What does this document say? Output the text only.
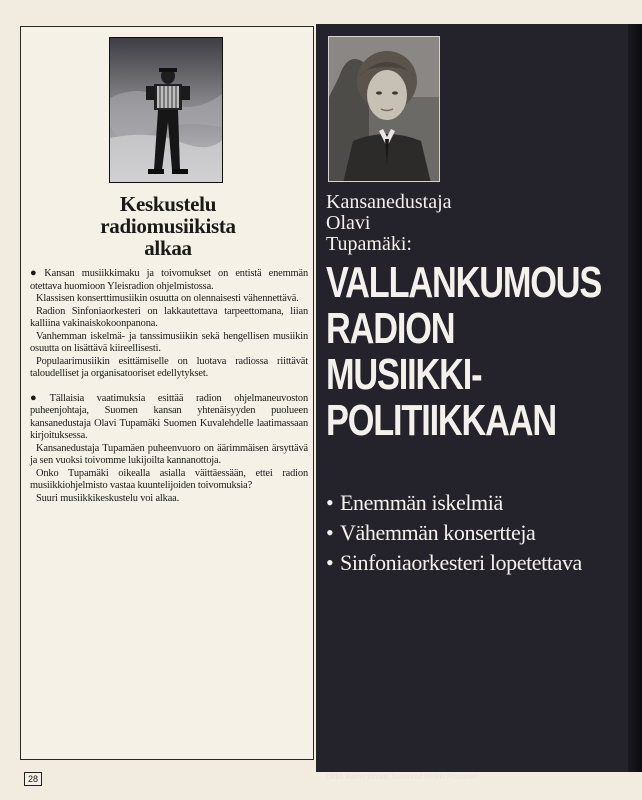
Keskustelu
radiomusiikista
alkaa

● Kansan musiikkimaku ja toivomukset on entistä enemmän otettava huomioon Yleisradion ohjelmistossa.

Klassisen konserttimusiikin osuutta on olennaisesti vähennettävä.

Radion Sinfoniaorkesteri on lakkautettava tarpeettomana, liian kalliina vakinaiskokoonpanona.

Vanhemman iskelmä- ja tanssimusiikin sekä hengellisen musiikin osuutta on lisättävä kiireellisesti.

Populaarimusiikin esittämiselle on luotava radiossa riittävät taloudelliset ja organisatooriset edellytykset.

● Tällaisia vaatimuksia esittää radion ohjelmaneuvoston puheenjohtaja, Suomen kansan yhtenäisyyden puolueen kansanedustaja Olavi Tupamäki Suomen Kuvalehdelle laatimassaan kirjoituksessa.

Kansanedustaja Tupamäen puheenvuoro on äärimmäisen ärsyttävä ja sen vuoksi toivomme lukijoilta kannanottoja.

Onko Tupamäki oikealla asialla väittäessään, ettei radion musiikkiohjelmisto vastaa kuuntelijoiden toivomuksia?

Suuri musiikkikeskustelu voi alkaa.

Kansanedustaja
Olavi
Tupamäki:
VALLANKUMOUS
RADION
MUSIIKKI-
POLITIIKKAAN
• Enemmän iskelmiä
• Vähemmän konsertteja
• Sinfoniaorkesteri lopetettava
Okko Kamu johtaa, kuvannut Heikki Pissanen.
28
